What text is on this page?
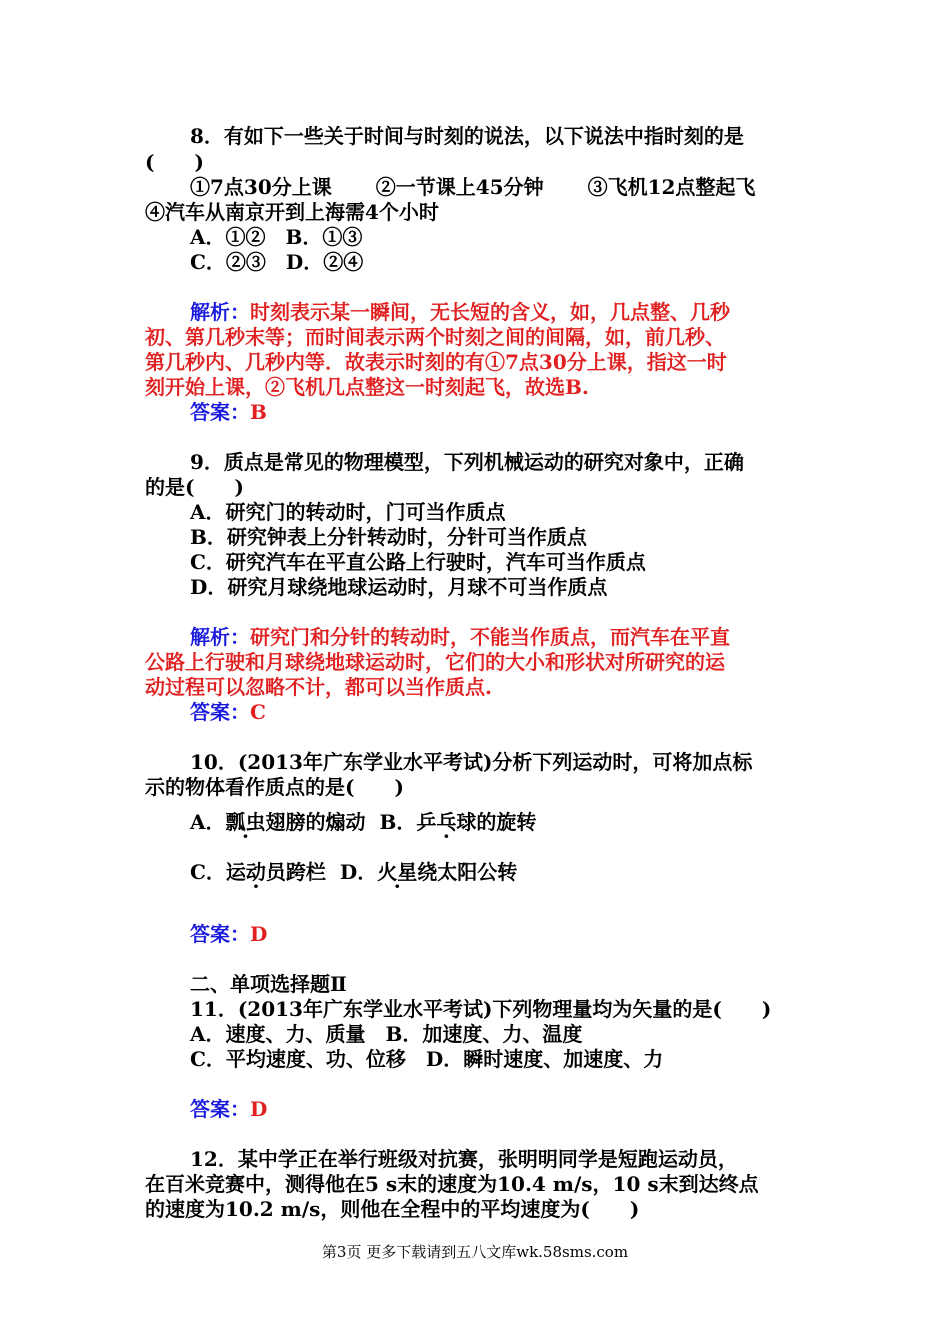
8．有如下一些关于时间与时刻的说法，以下说法中指时刻的是
(　　)
①7点30分上课 ②一节课上45分钟 ③飞机12点整起飞
④汽车从南京开到上海需4个小时
A．①②　B．①③
C．②③　D．②④
解析：时刻表示某一瞬间，无长短的含义，如，几点整、几秒
初、第几秒末等；而时间表示两个时刻之间的间隔，如，前几秒、
第几秒内、几秒内等．故表示时刻的有①7点30分上课，指这一时
刻开始上课，②飞机几点整这一时刻起飞，故选B.
答案：B
9．质点是常见的物理模型，下列机械运动的研究对象中，正确
的是(　　)
A．研究门的转动时，门可当作质点
B．研究钟表上分针转动时，分针可当作质点
C．研究汽车在平直公路上行驶时，汽车可当作质点
D．研究月球绕地球运动时，月球不可当作质点
解析：研究门和分针的转动时，不能当作质点，而汽车在平直
公路上行驶和月球绕地球运动时，它们的大小和形状对所研究的运
动过程可以忽略不计，都可以当作质点.
答案：C
10．(2013年广东学业水平考试)分析下列运动时，可将加点标
示的物体看作质点的是(　　)
A．瓢虫翅膀的煽动 B．乒乓球的旋转
C．运动员跨栏 D．火星绕太阳公转
答案：D
二、单项选择题Ⅱ
11．(2013年广东学业水平考试)下列物理量均为矢量的是(　　)
A．速度、力、质量　B．加速度、力、温度
C．平均速度、功、位移　D．瞬时速度、加速度、力
答案：D
12．某中学正在举行班级对抗赛，张明明同学是短跑运动员，
在百米竞赛中，测得他在5 s末的速度为10.4 m/s，10 s末到达终点
的速度为10.2 m/s，则他在全程中的平均速度为(　　)
第3页 更多下载请到五八文库wk.58sms.com
